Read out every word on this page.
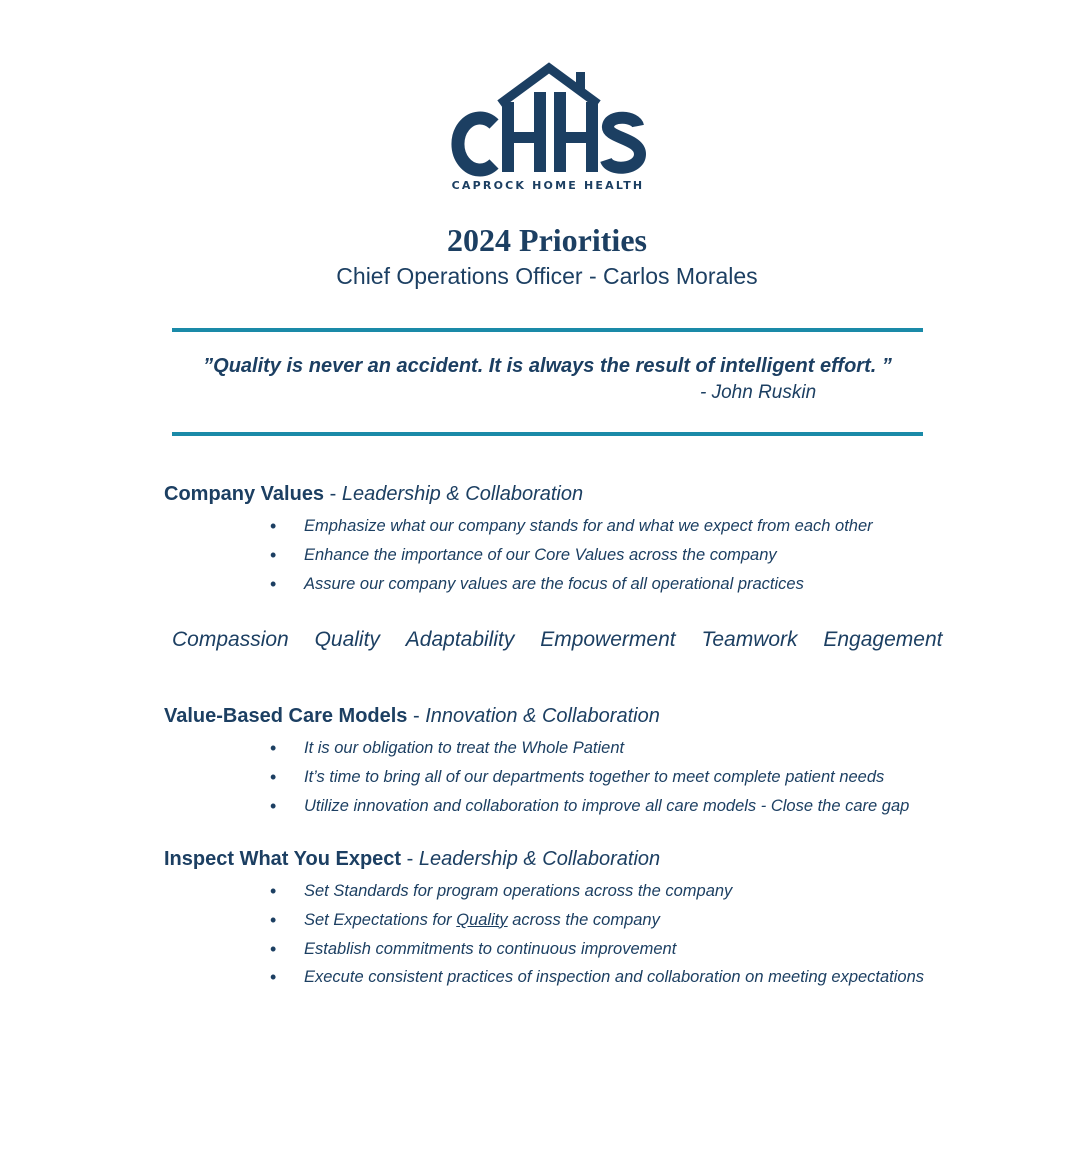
CAPROCK HOME HEALTH
2024 Priorities
Chief Operations Officer - Carlos Morales
”Quality is never an accident. It is always the result of intelligent effort. ”
- John Ruskin
Company Values - Leadership & Collaboration
• Emphasize what our company stands for and what we expect from each other
• Enhance the importance of our Core Values across the company
• Assure our company values are the focus of all operational practices
Compassion Quality Adaptability Empowerment Teamwork Engagement
Value-Based Care Models - Innovation & Collaboration
• It is our obligation to treat the Whole Patient
• It’s time to bring all of our departments together to meet complete patient needs
• Utilize innovation and collaboration to improve all care models - Close the care gap
Inspect What You Expect - Leadership & Collaboration
• Set Standards for program operations across the company
• Set Expectations for Quality across the company
• Establish commitments to continuous improvement
• Execute consistent practices of inspection and collaboration on meeting expectations
